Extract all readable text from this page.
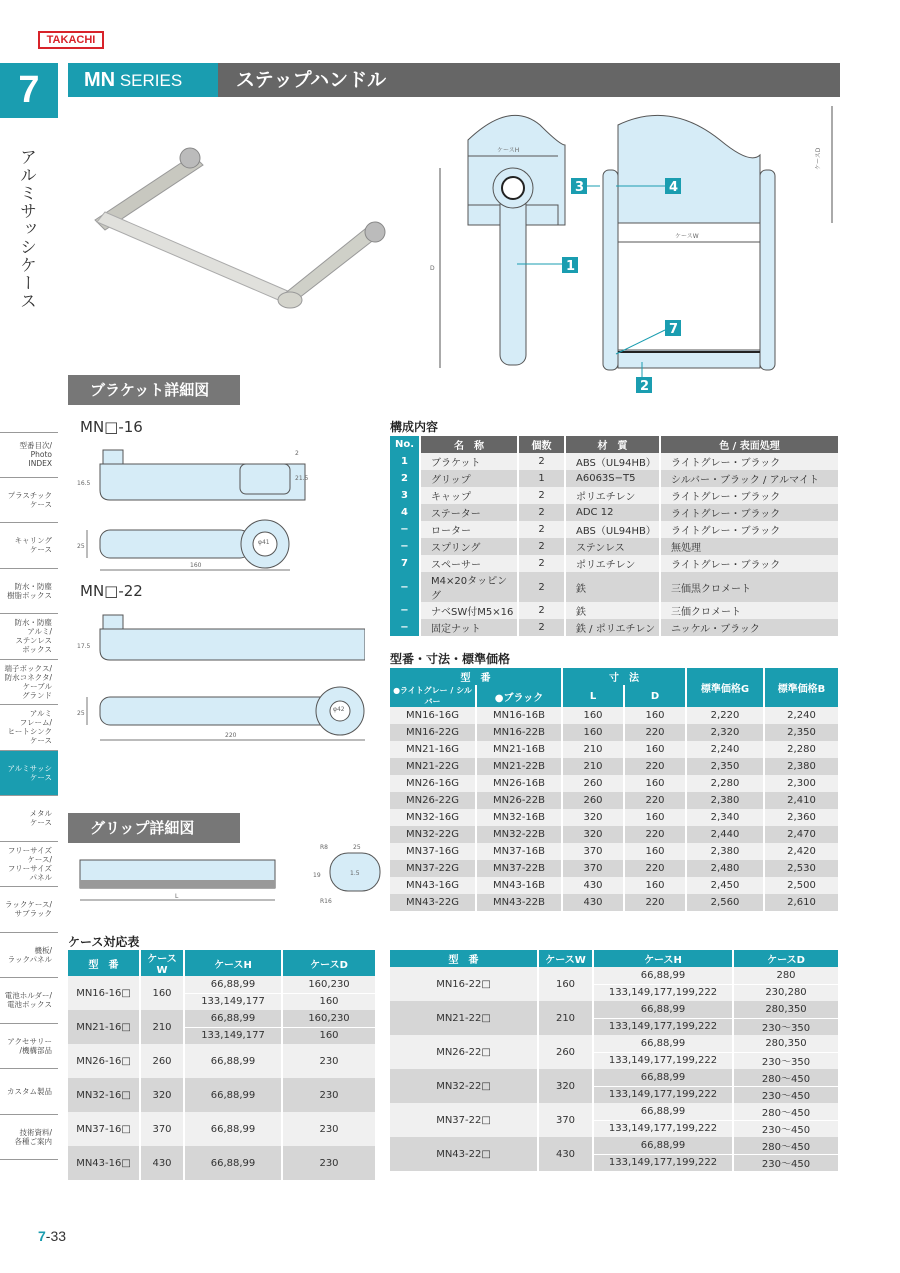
TAKACHI
7
アルミサッシケース
型番目次/
Photo
INDEX
プラスチック
ケース
キャリング
ケース
防水・防塵
樹脂ボックス
防水・防塵
アルミ/
ステンレス
ボックス
端子ボックス/
防水コネクタ/
ケーブル
グランド
アルミ
フレーム/
ヒートシンク
ケース
アルミサッシ
ケース
メタル
ケース
フリーサイズ
ケース/
フリーサイズ
パネル
ラックケース/
サブラック
機板/
ラックパネル
電池ホルダー/
電池ボックス
アクセサリー
/機構部品
カスタム製品
技術資料/
各種ご案内
MN SERIES	ステップハンドル
ケースH
D
ケースW
ケースD
1
2
3	4
7
ブラケット詳細図
MN□-16
MN□-22
160
220
25
25
16.5
17.5
2
21.5
φ41
φ42
グリップ詳細図
L
R8	25
19	1.5
R16
構成内容
No.	名　称	個数	材　質	色 / 表面処理
1	ブラケット	2	ABS（UL94HB）	ライトグレー・ブラック
2	グリップ	1	A6063S−T5	シルバー・ブラック / アルマイト
3	キャップ	2	ポリエチレン	ライトグレー・ブラック
4	ステーター	2	ADC 12	ライトグレー・ブラック
−	ローター	2	ABS（UL94HB）	ライトグレー・ブラック
−	スプリング	2	ステンレス	無処理
7	スペーサー	2	ポリエチレン	ライトグレー・ブラック
−	M4×20タッピング	2	鉄	三価黒クロメート
−	ナベSW付M5×16	2	鉄	三価クロメート
−	固定ナット	2	鉄 / ポリエチレン	ニッケル・ブラック
型番・寸法・標準価格
型　番		寸　法		標準価格G	標準価格B
●ライトグレー / シルバー	●ブラック	L	D		
MN16-16G	MN16-16B	160	160	2,220	2,240
MN16-22G	MN16-22B	160	220	2,320	2,350
MN21-16G	MN21-16B	210	160	2,240	2,280
MN21-22G	MN21-22B	210	220	2,350	2,380
MN26-16G	MN26-16B	260	160	2,280	2,300
MN26-22G	MN26-22B	260	220	2,380	2,410
MN32-16G	MN32-16B	320	160	2,340	2,360
MN32-22G	MN32-22B	320	220	2,440	2,470
MN37-16G	MN37-16B	370	160	2,380	2,420
MN37-22G	MN37-22B	370	220	2,480	2,530
MN43-16G	MN43-16B	430	160	2,450	2,500
MN43-22G	MN43-22B	430	220	2,560	2,610
ケース対応表
型　番	ケースW	ケースH	ケースD
MN16-16□	160	66,88,99	160,230
		133,149,177	160
MN21-16□	210	66,88,99	160,230
		133,149,177	160
MN26-16□	260	66,88,99	230
MN32-16□	320	66,88,99	230
MN37-16□	370	66,88,99	230
MN43-16□	430	66,88,99	230
型　番	ケースW	ケースH	ケースD
MN16-22□	160	66,88,99	280
		133,149,177,199,222	230,280
MN21-22□	210	66,88,99	280,350
		133,149,177,199,222	230〜350
MN26-22□	260	66,88,99	280,350
		133,149,177,199,222	230〜350
MN32-22□	320	66,88,99	280〜450
		133,149,177,199,222	230〜450
MN37-22□	370	66,88,99	280〜450
		133,149,177,199,222	230〜450
MN43-22□	430	66,88,99	280〜450
		133,149,177,199,222	230〜450
7-33
